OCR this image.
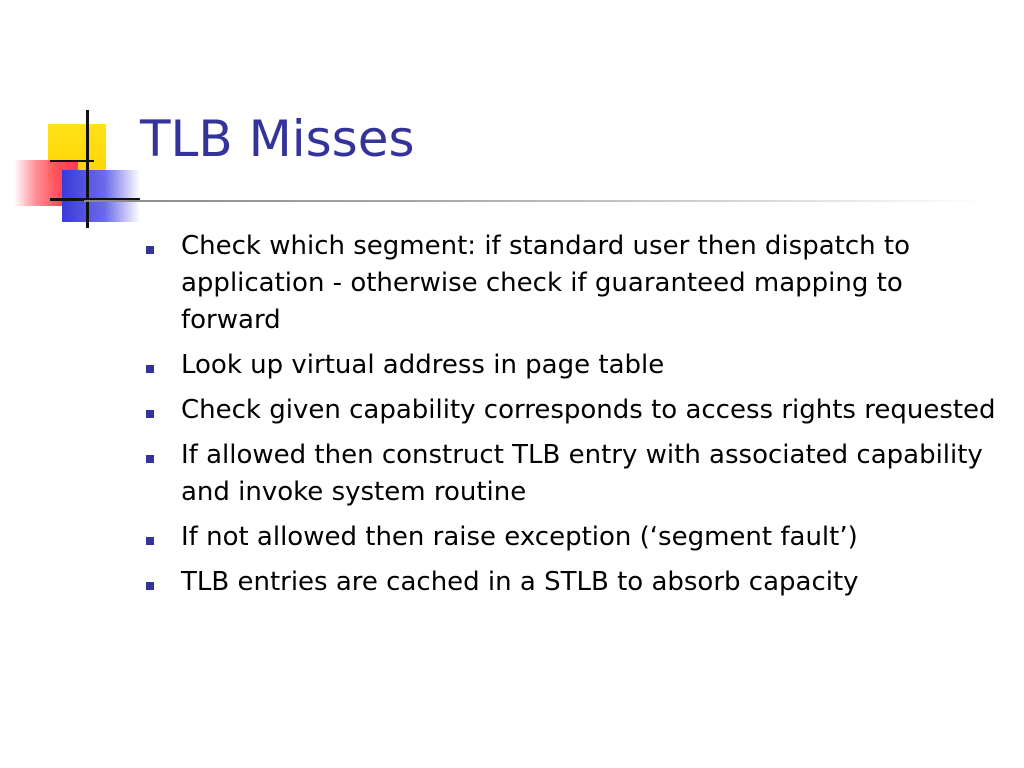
TLB Misses
Check which segment: if standard user then dispatch to application - otherwise check if guaranteed mapping to forward
Look up virtual address in page table
Check given capability corresponds to access rights requested
If allowed then construct TLB entry with associated capability and invoke system routine
If not allowed then raise exception (‘segment fault’)
TLB entries are cached in a STLB to absorb capacity
